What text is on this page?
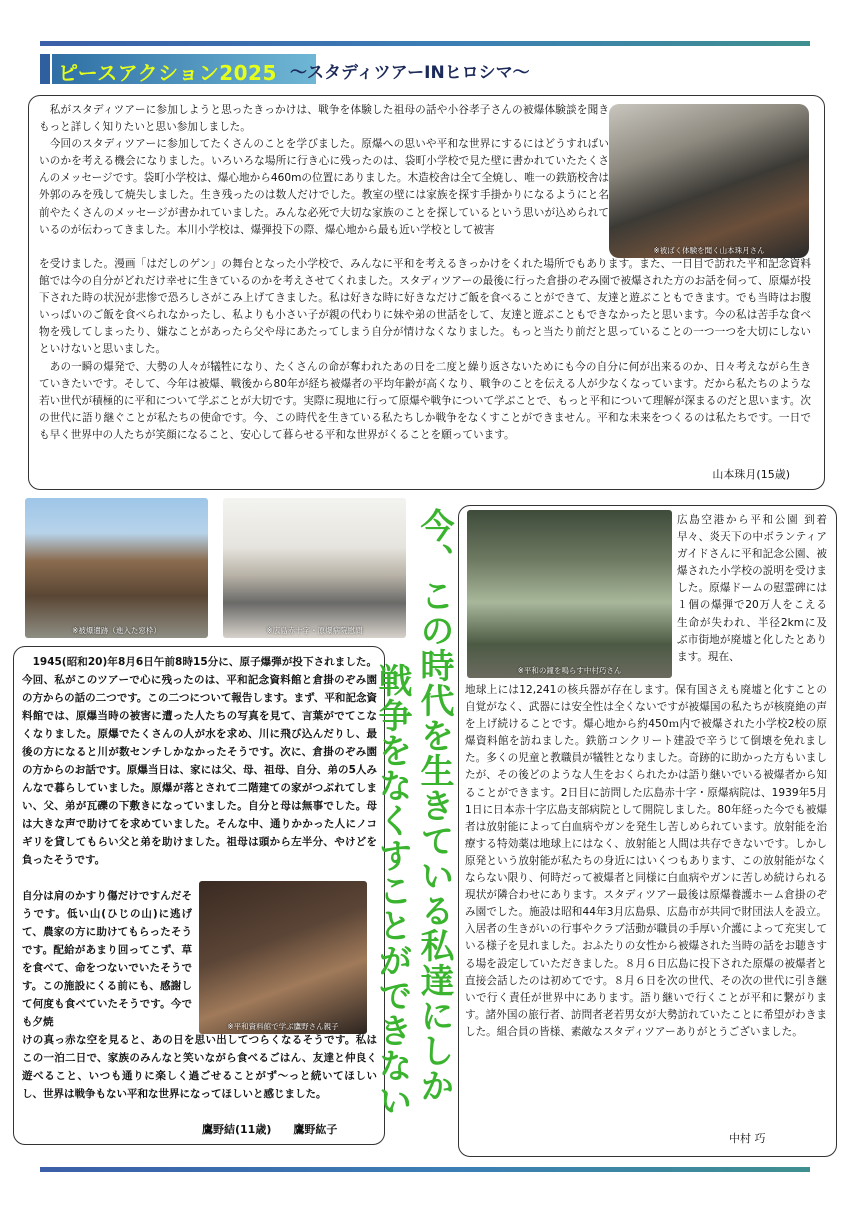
ピースアクション2025 ～スタディツアーINヒロシマ～
※被ばく体験を聞く山本珠月さん

　私がスタディツアーに参加しようと思ったきっかけは、戦争を体験した祖母の話や小谷孝子さんの被爆体験談を聞きもっと詳しく知りたいと思い参加しました。

　今回のスタディツアーに参加してたくさんのことを学びました。原爆への思いや平和な世界にするにはどうすればいいのかを考える機会になりました。いろいろな場所に行き心に残ったのは、袋町小学校で見た壁に書かれていたたくさんのメッセージです。袋町小学校は、爆心地から460mの位置にありました。木造校舎は全て全焼し、唯一の鉄筋校舎は外郭のみを残して焼失しました。生き残ったのは数人だけでした。教室の壁には家族を探す手掛かりになるようにと名前やたくさんのメッセージが書かれていました。みんな必死で大切な家族のことを探しているという思いが込められているのが伝わってきました。本川小学校は、爆弾投下の際、爆心地から最も近い学校として被害

を受けました。漫画「はだしのゲン」の舞台となった小学校で、みんなに平和を考えるきっかけをくれた場所でもあります。また、一日目で訪れた平和記念資料館では今の自分がどれだけ幸せに生きているのかを考えさせてくれました。スタディツアーの最後に行った倉掛のぞみ園で被爆された方のお話を伺って、原爆が投下された時の状況が悲惨で恐ろしさがこみ上げてきました。私は好きな時に好きなだけご飯を食べることができて、友達と遊ぶこともできます。でも当時はお腹いっぱいのご飯を食べられなかったし、私よりも小さい子が親の代わりに妹や弟の世話をして、友達と遊ぶこともできなかったと思います。今の私は苦手な食べ物を残してしまったり、嫌なことがあったら父や母にあたってしまう自分が情けなくなりました。もっと当たり前だと思っていることの一つ一つを大切にしないといけないと思いました。

　あの一瞬の爆発で、大勢の人々が犠牲になり、たくさんの命が奪われたあの日を二度と繰り返さないためにも今の自分に何が出来るのか、日々考えながら生きていきたいです。そして、今年は被爆、戦後から80年が経ち被爆者の平均年齢が高くなり、戦争のことを伝える人が少なくなっています。だから私たちのような若い世代が積極的に平和について学ぶことが大切です。実際に現地に行って原爆や戦争について学ぶことで、もっと平和について理解が深まるのだと思います。次の世代に語り継ぐことが私たちの使命です。今、この時代を生きている私たちしか戦争をなくすことができません。平和な未来をつくるのは私たちです。一日でも早く世界中の人たちが笑顔になること、安心して暮らせる平和な世界がくることを願っています。

山本珠月(15歳)
※被爆遺跡（進入た窓枠）	※広島赤十字・原爆病院慰問
　1945(昭和20)年8月6日午前8時15分に、原子爆弾が投下されました。今回、私がこのツアーで心に残ったのは、平和記念資料館と倉掛のぞみ園の方からの話の二つです。この二つについて報告します。まず、平和記念資料館では、原爆当時の被害に遭った人たちの写真を見て、言葉がでてこなくなりました。原爆でたくさんの人が水を求め、川に飛び込んだりし、最後の方になると川が数センチしかなかったそうです。次に、倉掛のぞみ園の方からのお話です。原爆当日は、家には父、母、祖母、自分、弟の5人みんなで暮らしていました。原爆が落とされて二階建ての家がつぶれてしまい、父、弟が瓦礫の下敷きになっていました。自分と母は無事でした。母は大きな声で助けてを求めていました。そんな中、通りかかった人にノコギリを貸してもらい父と弟を助けました。祖母は頭から左半分、やけどを負ったそうです。
自分は肩のかすり傷だけですんだそうです。低い山(ひじの山)に逃げて、農家の方に助けてもらったそうです。配給があまり回ってこず、草を食べて、命をつないでいたそうです。この施設にくる前にも、感謝して何度も食べていたそうです。今でも夕焼	※平和資料館で学ぶ鷹野さん親子
けの真っ赤な空を見ると、あの日を思い出してつらくなるそうです。私はこの一泊二日で、家族のみんなと笑いながら食べるごはん、友達と仲良く遊べること、いつも通りに楽しく過ごせることがず～っと続いてほしいし、世界は戦争もない平和な世界になってほしいと感じました。
鷹野結(11歳)　　鷹野紘子
今、この時代を生きている私達にしか
戦争をなくすことができない	※平和の鐘を鳴らす中村巧さん
広島空港から平和公園 到着早々、炎天下の中ボランティアガイドさんに平和記念公園、被爆された小学校の説明を受けました。原爆ドームの慰霊碑には１個の爆弾で20万人をこえる生命が失われ、半径2kmに及ぶ市街地が廃墟と化したとあります。現在、
地球上には12,241の核兵器が存在します。保有国さえも廃墟と化すことの自覚がなく、武器には安全性は全くないですが被爆国の私たちが核廃絶の声を上げ続けることです。爆心地から約450ｍ内で被爆された小学校2校の原爆資料館を訪ねました。鉄筋コンクリート建設で辛うじて倒壊を免れました。多くの児童と教職員が犠牲となりました。奇跡的に助かった方もいましたが、その後どのような人生をおくられたかは語り継いでいる被爆者から知ることができます。2日目に訪問した広島赤十字・原爆病院は、1939年5月1日に日本赤十字広島支部病院として開院しました。80年経った今でも被爆者は放射能によって白血病やガンを発生し苦しめられています。放射能を治療する特効薬は地球上にはなく、放射能と人間は共存できないです。しかし原発という放射能が私たちの身近にはいくつもあります、この放射能がなくならない限り、何時だって被爆者と同様に白血病やガンに苦しめ続けられる現状が隣合わせにあります。スタディツアー最後は原爆養護ホーム倉掛のぞみ園でした。施設は昭和44年3月広島県、広島市が共同で財団法人を設立。入居者の生きがいの行事やクラブ活動が職員の手厚い介護によって充実している様子を見れました。おふたりの女性から被爆された当時の話をお聴きする場を設定していただきました。８月６日広島に投下された原爆の被爆者と直接会話したのは初めてです。８月６日を次の世代、その次の世代に引き継いで行く責任が世界中にあります。語り継いで行くことが平和に繋がります。諸外国の旅行者、訪問者老若男女が大勢訪れていたことに希望がわきました。組合員の皆様、素敵なスタディツアーありがとうございました。
中村 巧
